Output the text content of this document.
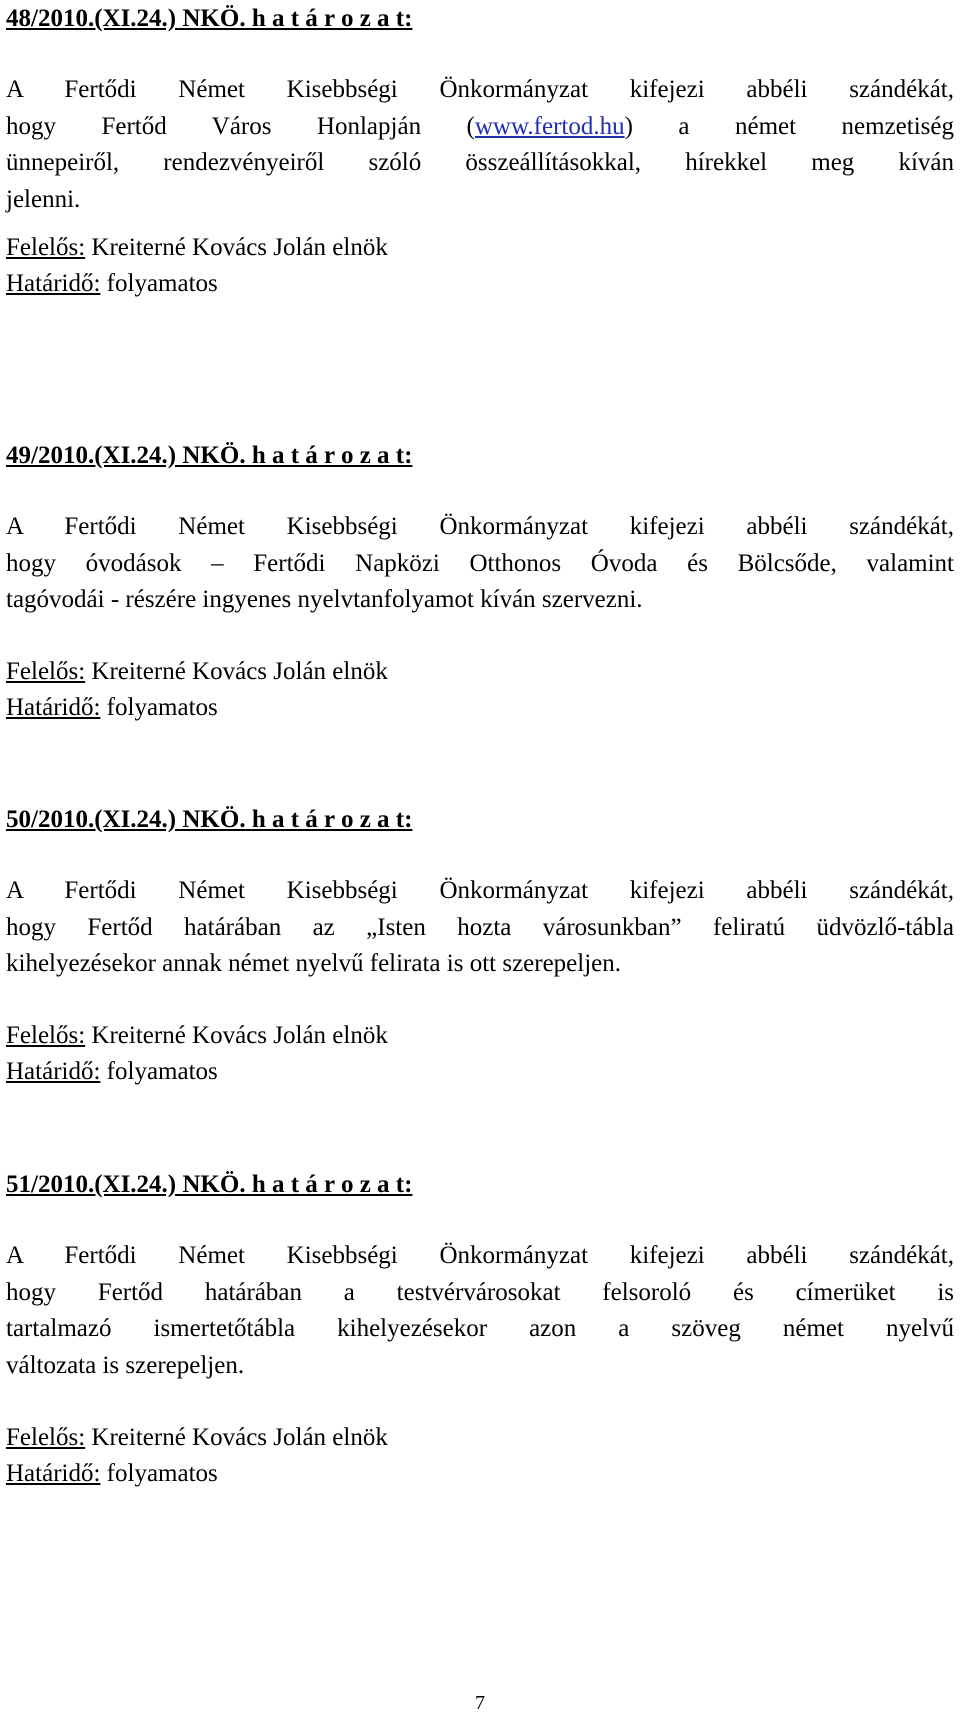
48/2010.(XI.24.) NKÖ. h a t á r o z a t:
A Fertődi Német Kisebbségi Önkormányzat kifejezi abbéli szándékát,
hogy Fertőd Város Honlapján (www.fertod.hu) a német nemzetiség
ünnepeiről, rendezvényeiről szóló összeállításokkal, hírekkel meg kíván
jelenni.
Felelős: Kreiterné Kovács Jolán elnök
Határidő: folyamatos
49/2010.(XI.24.) NKÖ. h a t á r o z a t:
A Fertődi Német Kisebbségi Önkormányzat kifejezi abbéli szándékát,
hogy óvodások – Fertődi Napközi Otthonos Óvoda és Bölcsőde, valamint
tagóvodái - részére ingyenes nyelvtanfolyamot kíván szervezni.
Felelős: Kreiterné Kovács Jolán elnök
Határidő: folyamatos
50/2010.(XI.24.) NKÖ. h a t á r o z a t:
A Fertődi Német Kisebbségi Önkormányzat kifejezi abbéli szándékát,
hogy Fertőd határában az „Isten hozta városunkban” feliratú üdvözlő-tábla
kihelyezésekor annak német nyelvű felirata is ott szerepeljen.
Felelős: Kreiterné Kovács Jolán elnök
Határidő: folyamatos
51/2010.(XI.24.) NKÖ. h a t á r o z a t:
A Fertődi Német Kisebbségi Önkormányzat kifejezi abbéli szándékát,
hogy Fertőd határában a testvérvárosokat felsoroló és címerüket is
tartalmazó ismertetőtábla kihelyezésekor azon a szöveg német nyelvű
változata is szerepeljen.
Felelős: Kreiterné Kovács Jolán elnök
Határidő: folyamatos
7
